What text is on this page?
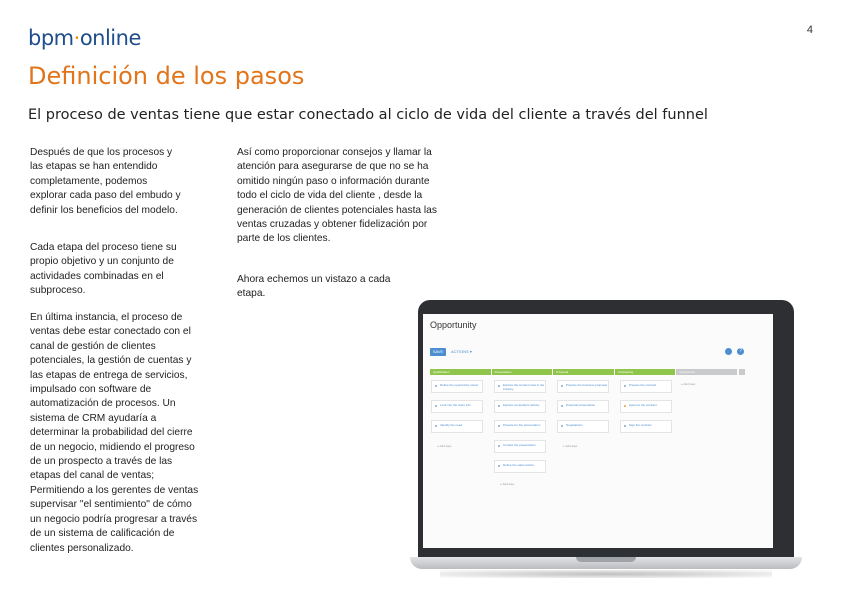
bpm·online	4
Definición de los pasos
El proceso de ventas tiene que estar conectado al ciclo de vida del cliente a través del funnel
Después de que los procesos y las etapas se han entendido completamente, podemos explorar cada paso del embudo y definir los beneficios del modelo.
Cada etapa del proceso tiene su propio objetivo y un conjunto de actividades combinadas en el subproceso.
En última instancia, el proceso de ventas debe estar conectado con el canal de gestión de clientes potenciales, la gestión de cuentas y las etapas de entrega de servicios, impulsado con software de automatización de procesos. Un sistema de CRM ayudaría a determinar la probabilidad del cierre de un negocio, midiendo el progreso de un prospecto a través de las etapas del canal de ventas; Permitiendo a los gerentes de ventas supervisar "el sentimiento" de cómo un negocio podría progresar a través de un sistema de calificación de clientes personalizado.
Así como proporcionar consejos y llamar la atención para asegurarse de que no se ha omitido ningún paso o información durante todo el ciclo de vida del cliente , desde la generación de clientes potenciales hasta las ventas cruzadas y obtener fidelización por parte de los clientes.
Ahora echemos un vistazo a cada etapa.
Opportunity
SAVE	ACTIONS ▾	?
Qualification	Presentation	Proposal	Contracting	Closed won
Define the opportunity owner
Look into the client info
Identify the need
+ Add step
Explore the contact roles in the industry
Explore competitors activity
Prepare for the presentation
Contact the presentation
Define the sales tactics
+ Add step
Prepare the business proposal
Proposal presentation
Negotiations
+ Add step
Prepare the contract
Approve the contract
Sign the contract
+ Add step
